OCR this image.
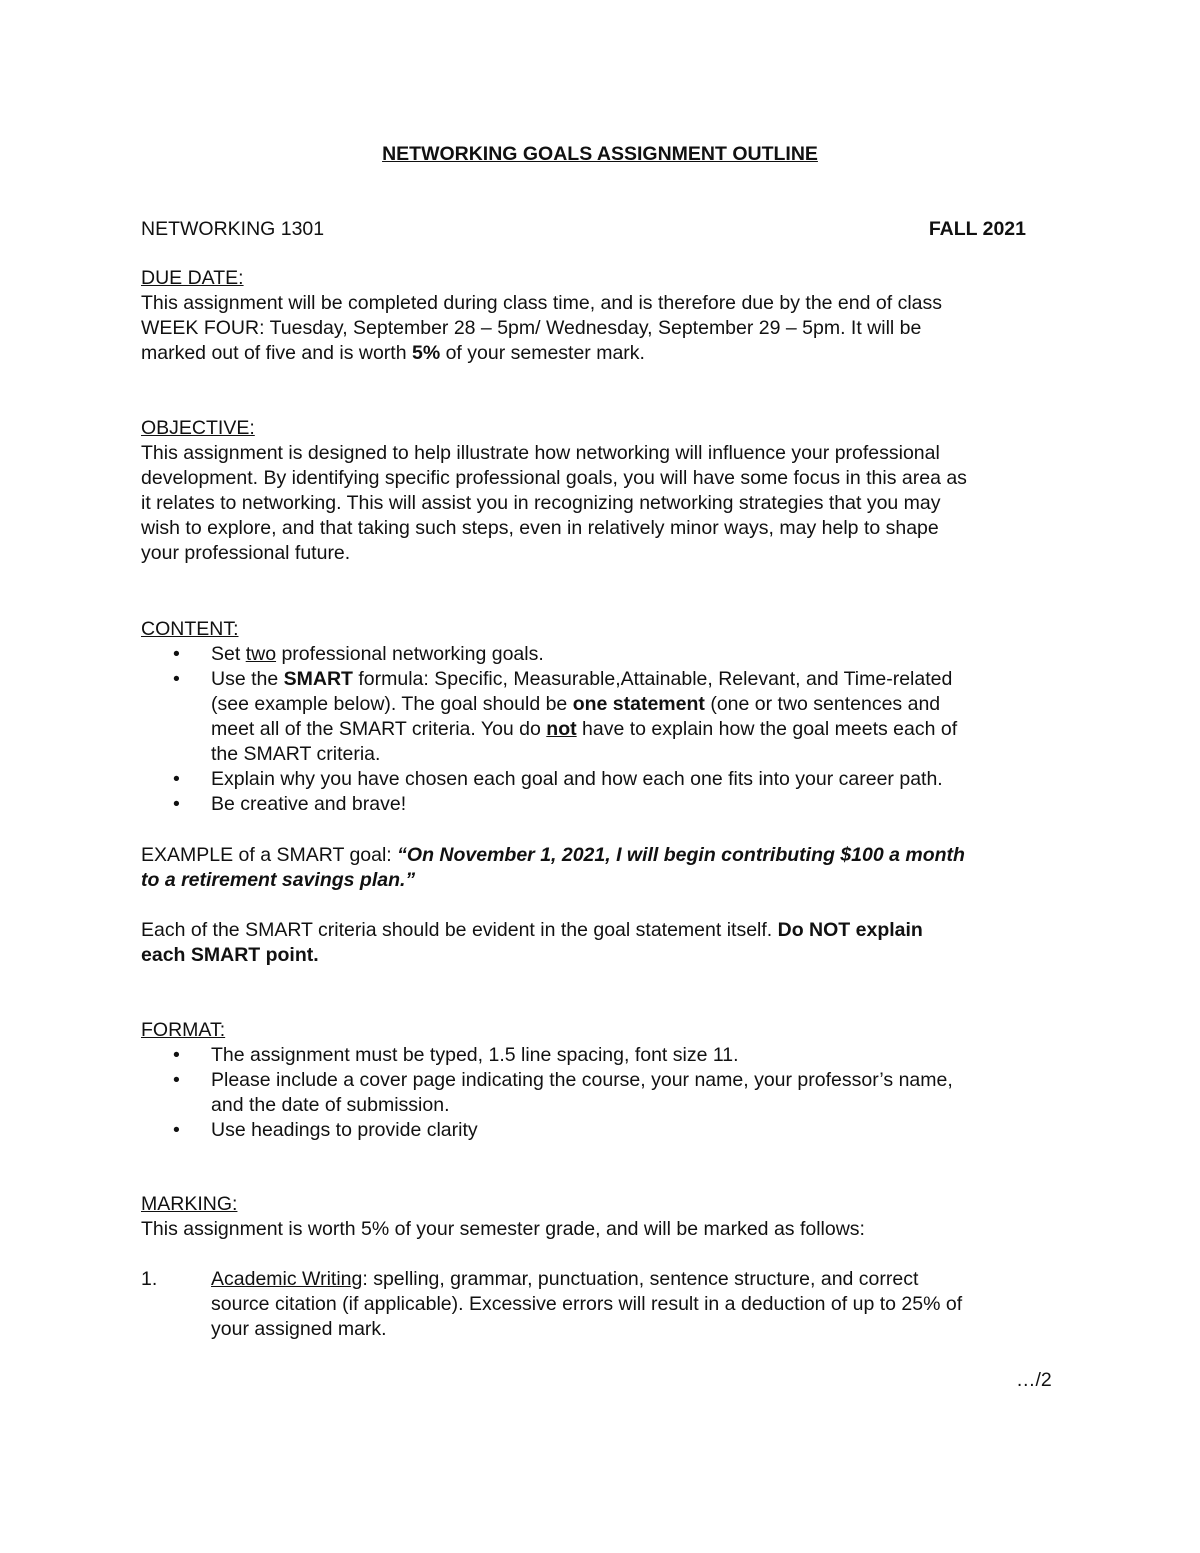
NETWORKING GOALS ASSIGNMENT OUTLINE
NETWORKING 1301	FALL 2021

DUE DATE:

This assignment will be completed during class time, and is therefore due by the end of class

WEEK FOUR: Tuesday, September 28 – 5pm/ Wednesday, September 29 – 5pm. It will be

marked out of five and is worth 5% of your semester mark.

OBJECTIVE:

This assignment is designed to help illustrate how networking will influence your professional

development. By identifying specific professional goals, you will have some focus in this area as

it relates to networking. This will assist you in recognizing networking strategies that you may

wish to explore, and that taking such steps, even in relatively minor ways, may help to shape

your professional future.

CONTENT:

• Set two professional networking goals.
• Use the SMART formula: Specific, Measurable,Attainable, Relevant, and Time-related
(see example below). The goal should be one statement (one or two sentences and
meet all of the SMART criteria. You do not have to explain how the goal meets each of
the SMART criteria.
• Explain why you have chosen each goal and how each one fits into your career path.
• Be creative and brave!

EXAMPLE of a SMART goal: “On November 1, 2021, I will begin contributing $100 a month

to a retirement savings plan.”

Each of the SMART criteria should be evident in the goal statement itself. Do NOT explain

each SMART point.

FORMAT:

• The assignment must be typed, 1.5 line spacing, font size 11.
• Please include a cover page indicating the course, your name, your professor’s name,
and the date of submission.
• Use headings to provide clarity

MARKING:

This assignment is worth 5% of your semester grade, and will be marked as follows:

1.	Academic Writing: spelling, grammar, punctuation, sentence structure, and correct
source citation (if applicable). Excessive errors will result in a deduction of up to 25% of
your assigned mark.
…/2
